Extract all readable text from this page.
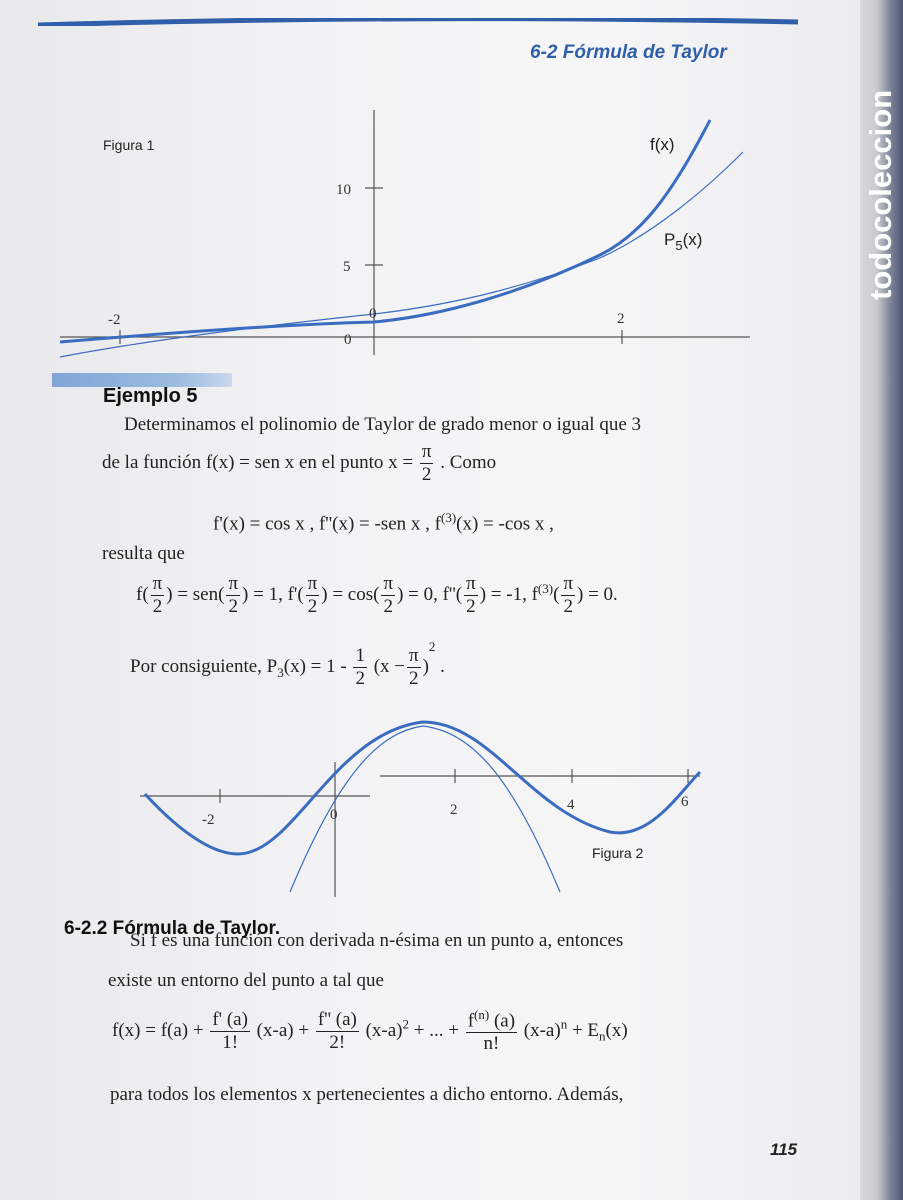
6-2 Fórmula de Taylor
Figura 1
-2	0	2
10
5
0
f(x)
$P_5(x)$
Ejemplo 5
Determinamos el polinomio de Taylor de grado menor o igual que 3
de la función f(x) = sen x en el punto $x = \frac{\pi}{2}$ . Como
f'(x) = cos x , f''(x) = -sen x , $f^{(3)}(x) = -\cos$ x ,
resulta que
$f( \frac{\pi}{2}$ ) = $sen( \frac{\pi}{2}$ ) = 1, $f'( \frac{\pi}{2}$ ) = $\cos( \frac{\pi}{2}$ ) = 0, $f''( \frac{\pi}{2}$ ) = -1, $f^{(3)}( \frac{\pi}{2}$ ) = 0.
Por consiguiente, $P_3(x) = 1 - \frac{1}{2} (x - \frac{\pi}{2} )^2$ .
-2	0	2	4	6
Figura 2
6-2.2 Fórmula de Taylor.
Si f es una función con derivada n-ésima en un punto a, entonces
existe un entorno del punto a tal que
$f(x) = f(a) + \frac{f' (a)}{1!} (x-a) + \frac{f'' (a)}{2!} (x-a)^2$ + ... + $\frac{f^{(n)} (a)}{n!} (x-a)^n + E_n(x)$
para todos los elementos x pertenecientes a dicho entorno. Además,
115
todocoleccion
